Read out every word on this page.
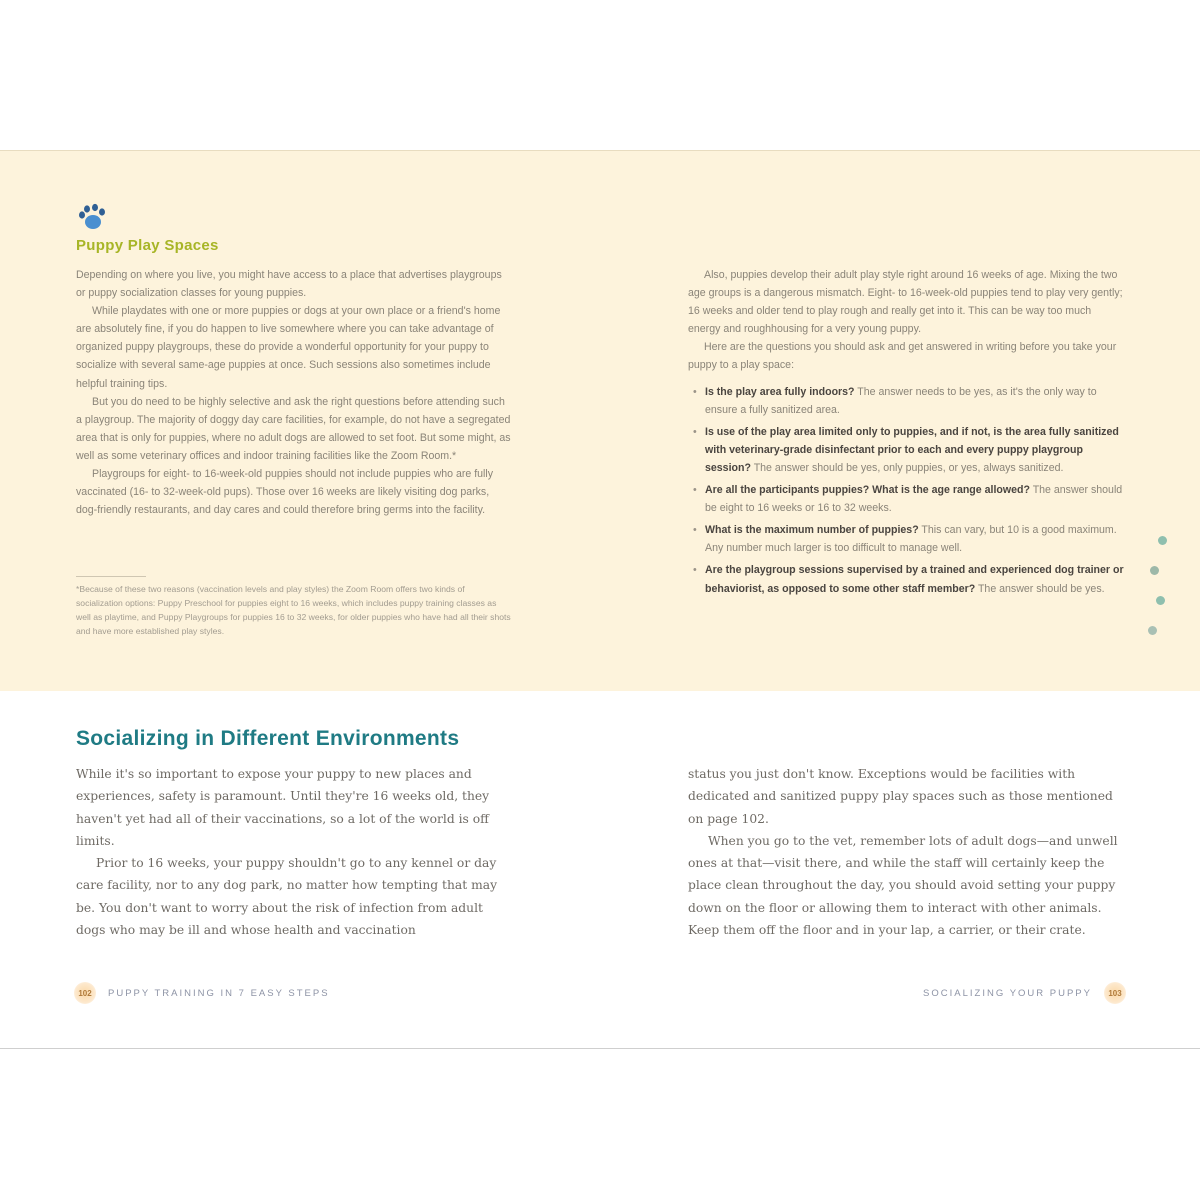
Puppy Play Spaces

Depending on where you live, you might have access to a place that advertises playgroups or puppy socialization classes for young puppies.

While playdates with one or more puppies or dogs at your own place or a friend's home are absolutely fine, if you do happen to live somewhere where you can take advantage of organized puppy playgroups, these do provide a wonderful opportunity for your puppy to socialize with several same-age puppies at once. Such sessions also sometimes include helpful training tips.

But you do need to be highly selective and ask the right questions before attending such a playgroup. The majority of doggy day care facilities, for example, do not have a segregated area that is only for puppies, where no adult dogs are allowed to set foot. But some might, as well as some veterinary offices and indoor training facilities like the Zoom Room.*

Playgroups for eight- to 16-week-old puppies should not include puppies who are fully vaccinated (16- to 32-week-old pups). Those over 16 weeks are likely visiting dog parks, dog-friendly restaurants, and day cares and could therefore bring germs into the facility.

*Because of these two reasons (vaccination levels and play styles) the Zoom Room offers two kinds of socialization options: Puppy Preschool for puppies eight to 16 weeks, which includes puppy training classes as well as playtime, and Puppy Playgroups for puppies 16 to 32 weeks, for older puppies who have had all their shots and have more established play styles.

Also, puppies develop their adult play style right around 16 weeks of age. Mixing the two age groups is a dangerous mismatch. Eight- to 16-week-old puppies tend to play very gently; 16 weeks and older tend to play rough and really get into it. This can be way too much energy and roughhousing for a very young puppy.

Here are the questions you should ask and get answered in writing before you take your puppy to a play space:

• Is the play area fully indoors? The answer needs to be yes, as it's the only way to ensure a fully sanitized area.
• Is use of the play area limited only to puppies, and if not, is the area fully sanitized with veterinary-grade disinfectant prior to each and every puppy playgroup session? The answer should be yes, only puppies, or yes, always sanitized.
• Are all the participants puppies? What is the age range allowed? The answer should be eight to 16 weeks or 16 to 32 weeks.
• What is the maximum number of puppies? This can vary, but 10 is a good maximum. Any number much larger is too difficult to manage well.
• Are the playgroup sessions supervised by a trained and experienced dog trainer or behaviorist, as opposed to some other staff member? The answer should be yes.
Socializing in Different Environments

While it's so important to expose your puppy to new places and experiences, safety is paramount. Until they're 16 weeks old, they haven't yet had all of their vaccinations, so a lot of the world is off limits.

Prior to 16 weeks, your puppy shouldn't go to any kennel or day care facility, nor to any dog park, no matter how tempting that may be. You don't want to worry about the risk of infection from adult dogs who may be ill and whose health and vaccination

status you just don't know. Exceptions would be facilities with dedicated and sanitized puppy play spaces such as those mentioned on page 102.

When you go to the vet, remember lots of adult dogs—and unwell ones at that—visit there, and while the staff will certainly keep the place clean throughout the day, you should avoid setting your puppy down on the floor or allowing them to interact with other animals. Keep them off the floor and in your lap, a carrier, or their crate.

102	PUPPY TRAINING IN 7 EASY STEPS	SOCIALIZING YOUR PUPPY	103
